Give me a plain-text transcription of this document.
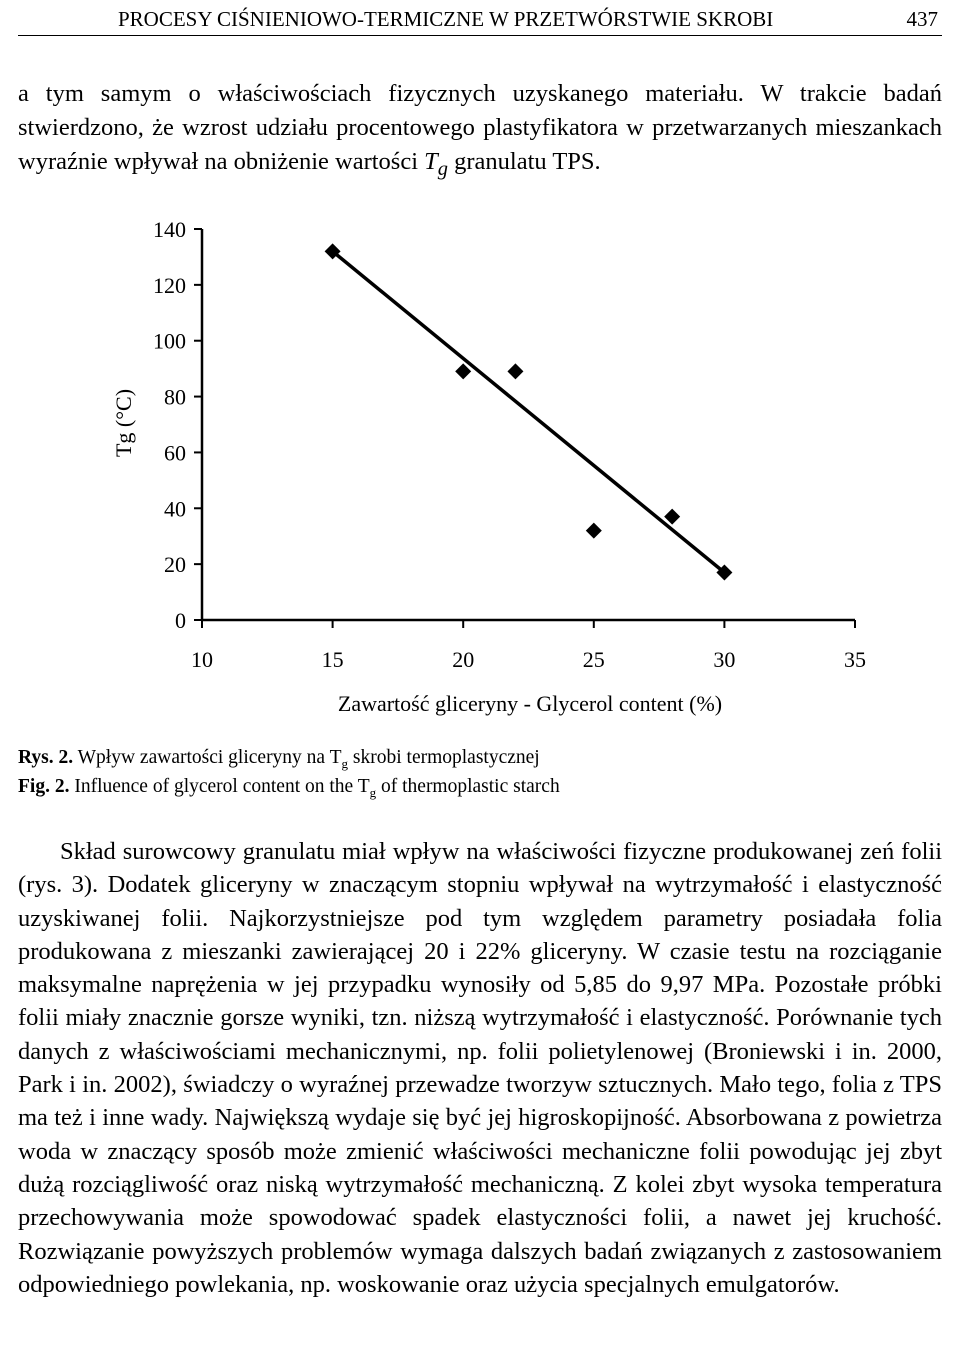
PROCESY CIŚNIENIOWO-TERMICZNE W PRZETWÓRSTWIE SKROBI	437

a tym samym o właściwościach fizycznych uzyskanego materiału. W trakcie badań stwierdzono, że wzrost udziału procentowego plastyfikatora w przetwarzanych mieszankach wyraźnie wpływał na obniżenie wartości $T_g$ granulatu TPS.

140
120
100
80
60
40
20
0
10	15	20	25	30	35
Tg (°C)
Zawartość gliceryny - Glycerol content (%)
Rys. 2. Wpływ zawartości gliceryny na $T_g$ skrobi termoplastycznej
Fig. 2. Influence of glycerol content on the $T_g$ of thermoplastic starch

Skład surowcowy granulatu miał wpływ na właściwości fizyczne produkowanej zeń folii (rys. 3). Dodatek gliceryny w znaczącym stopniu wpływał na wytrzymałość i elastyczność uzyskiwanej folii. Najkorzystniejsze pod tym względem parametry posiadała folia produkowana z mieszanki zawierającej 20 i 22% gliceryny. W czasie testu na rozciąganie maksymalne naprężenia w jej przypadku wynosiły od 5,85 do 9,97 MPa. Pozostałe próbki folii miały znacznie gorsze wyniki, tzn. niższą wytrzymałość i elastyczność. Porównanie tych danych z właściwościami mechanicznymi, np. folii polietylenowej (Broniewski i in. 2000, Park i in. 2002), świadczy o wyraźnej przewadze tworzyw sztucznych. Mało tego, folia z TPS ma też i inne wady. Największą wydaje się być jej higroskopijność. Absorbowana z powietrza woda w znaczący sposób może zmienić właściwości mechaniczne folii powodując jej zbyt dużą rozciągliwość oraz niską wytrzymałość mechaniczną. Z kolei zbyt wysoka temperatura przechowywania może spowodować spadek elastyczności folii, a nawet jej kruchość. Rozwiązanie powyższych problemów wymaga dalszych badań związanych z zastosowaniem odpowiedniego powlekania, np. woskowanie oraz użycia specjalnych emulgatorów.
